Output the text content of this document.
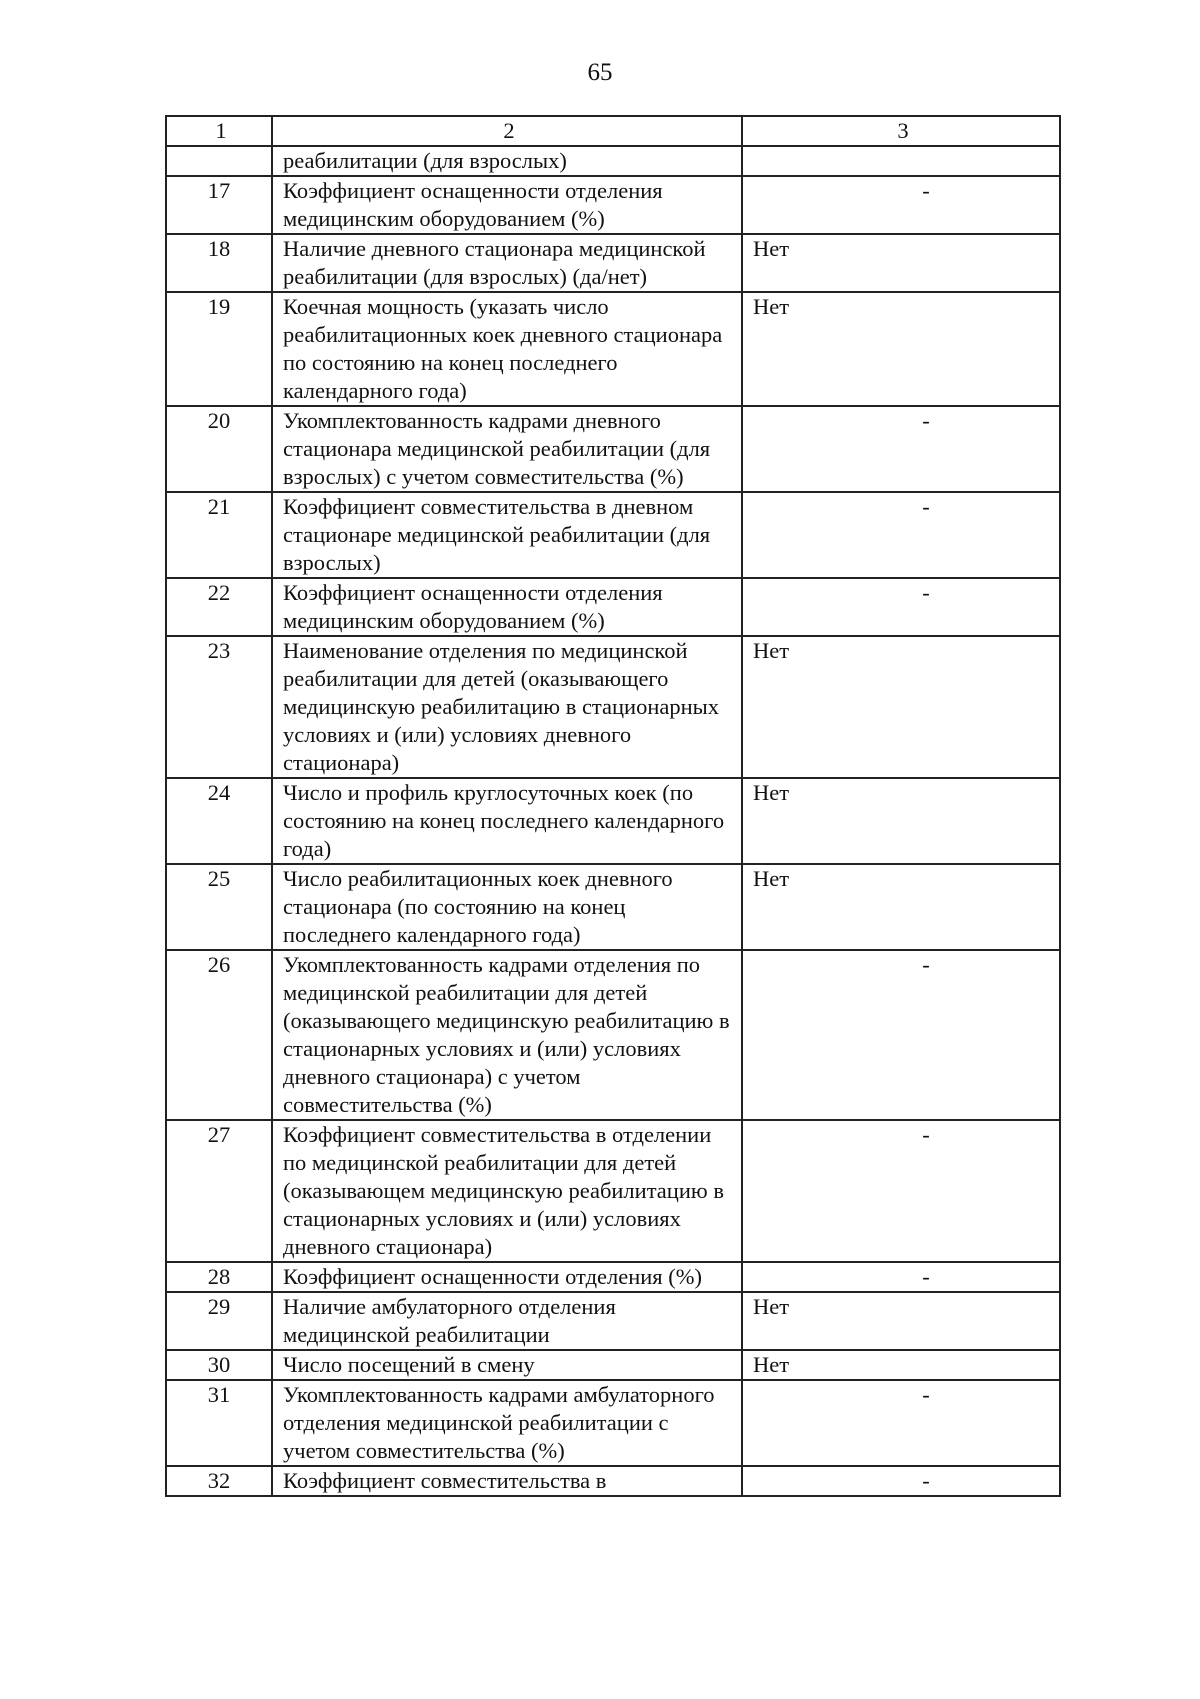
65
1	2	3
	реабилитации (для взрослых)	
17	Коэффициент оснащенности отделения медицинским оборудованием (%)	-
18	Наличие дневного стационара медицинской реабилитации (для взрослых) (да/нет)	Нет
19	Коечная мощность (указать число реабилитационных коек дневного стационара по состоянию на конец последнего календарного года)	Нет
20	Укомплектованность кадрами дневного стационара медицинской реабилитации (для взрослых) с учетом совместительства (%)	-
21	Коэффициент совместительства в дневном стационаре медицинской реабилитации (для взрослых)	-
22	Коэффициент оснащенности отделения медицинским оборудованием (%)	-
23	Наименование отделения по медицинской реабилитации для детей (оказывающего медицинскую реабилитацию в стационарных условиях и (или) условиях дневного стационара)	Нет
24	Число и профиль круглосуточных коек (по состоянию на конец последнего календарного года)	Нет
25	Число реабилитационных коек дневного стационара (по состоянию на конец последнего календарного года)	Нет
26	Укомплектованность кадрами отделения по медицинской реабилитации для детей (оказывающего медицинскую реабилитацию в стационарных условиях и (или) условиях дневного стационара) с учетом совместительства (%)	-
27	Коэффициент совместительства в отделении по медицинской реабилитации для детей (оказывающем медицинскую реабилитацию в стационарных условиях и (или) условиях дневного стационара)	-
28	Коэффициент оснащенности отделения (%)	-
29	Наличие амбулаторного отделения медицинской реабилитации	Нет
30	Число посещений в смену	Нет
31	Укомплектованность кадрами амбулаторного отделения медицинской реабилитации с учетом совместительства (%)	-
32	Коэффициент совместительства в	-
